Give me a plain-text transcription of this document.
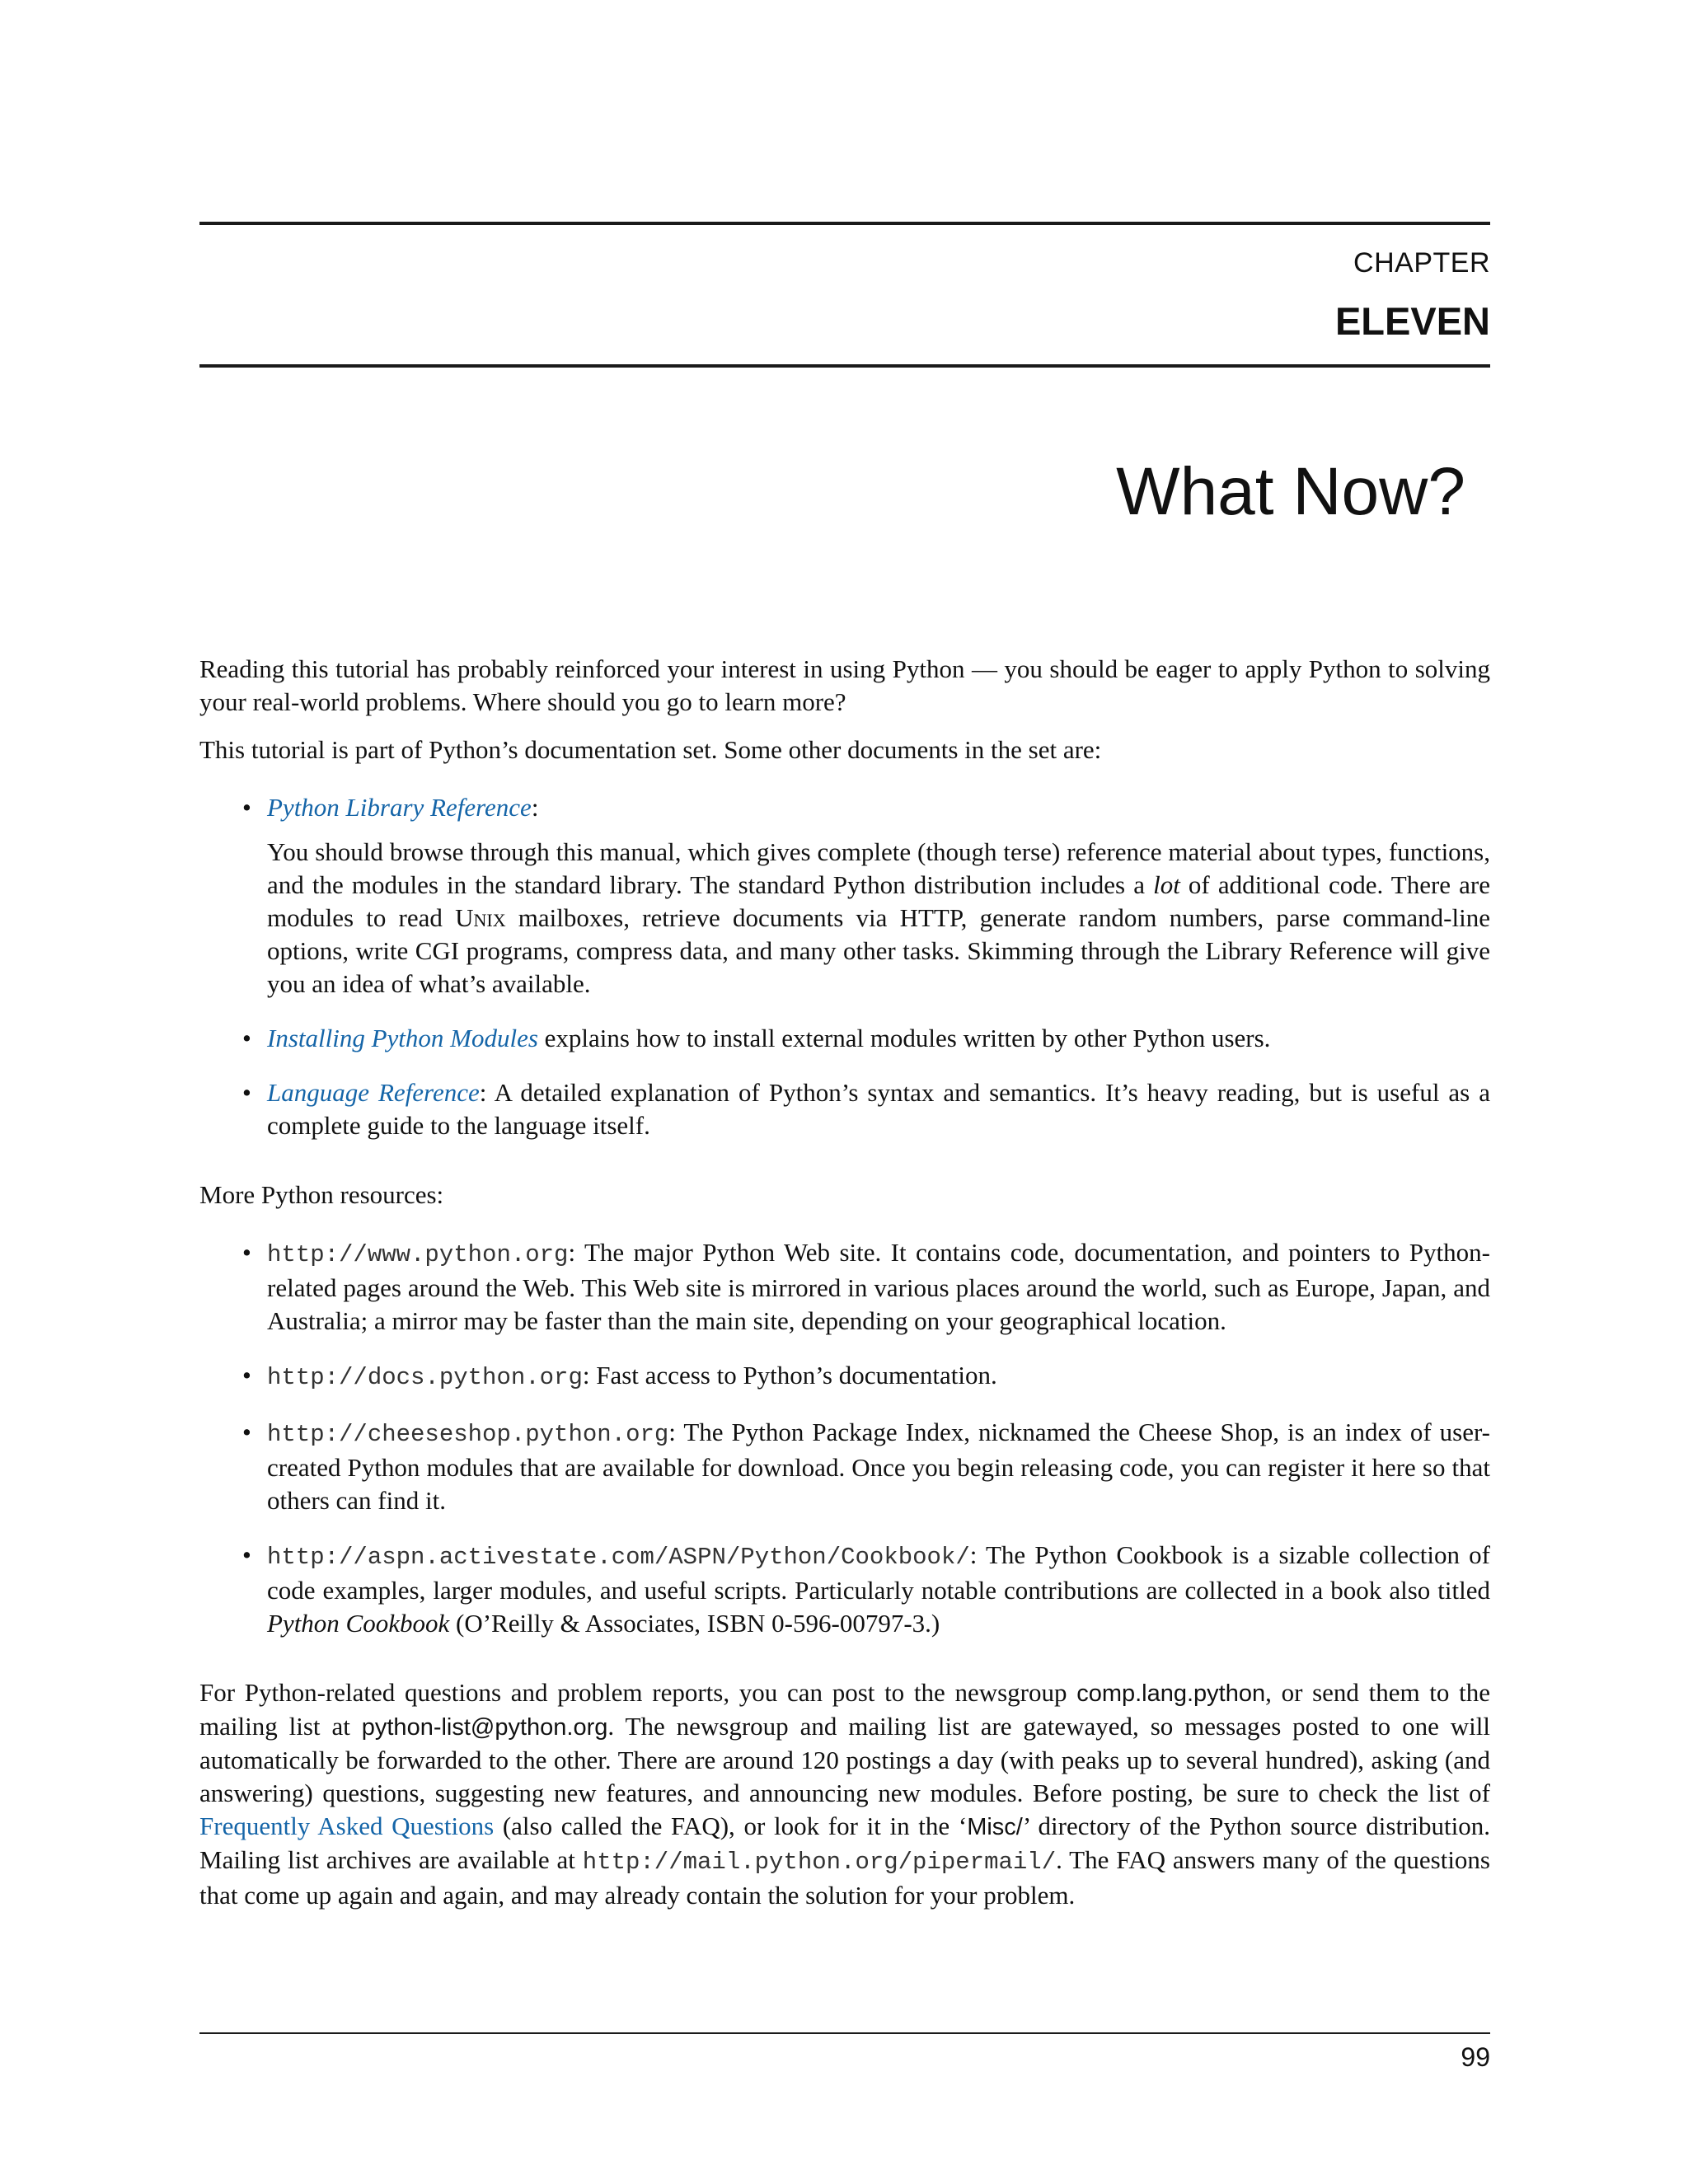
CHAPTER

ELEVEN

What Now?

Reading this tutorial has probably reinforced your interest in using Python — you should be eager to apply Python to solving your real-world problems. Where should you go to learn more?

This tutorial is part of Python’s documentation set. Some other documents in the set are:

• Python Library Reference:
You should browse through this manual, which gives complete (though terse) reference material about types, functions, and the modules in the standard library. The standard Python distribution includes a lot of additional code. There are modules to read Unix mailboxes, retrieve documents via HTTP, generate random numbers, parse command-line options, write CGI programs, compress data, and many other tasks. Skimming through the Library Reference will give you an idea of what’s available.
• Installing Python Modules explains how to install external modules written by other Python users.
• Language Reference: A detailed explanation of Python’s syntax and semantics. It’s heavy reading, but is useful as a complete guide to the language itself.

More Python resources:

• http://www.python.org: The major Python Web site. It contains code, documentation, and pointers to Python-related pages around the Web. This Web site is mirrored in various places around the world, such as Europe, Japan, and Australia; a mirror may be faster than the main site, depending on your geographical location.
• http://docs.python.org: Fast access to Python’s documentation.
• http://cheeseshop.python.org: The Python Package Index, nicknamed the Cheese Shop, is an index of user-created Python modules that are available for download. Once you begin releasing code, you can register it here so that others can find it.
• http://aspn.activestate.com/ASPN/Python/Cookbook/: The Python Cookbook is a sizable collection of code examples, larger modules, and useful scripts. Particularly notable contributions are collected in a book also titled Python Cookbook (O’Reilly & Associates, ISBN 0-596-00797-3.)

For Python-related questions and problem reports, you can post to the newsgroup comp.lang.python, or send them to the mailing list at python-list@python.org. The newsgroup and mailing list are gatewayed, so messages posted to one will automatically be forwarded to the other. There are around 120 postings a day (with peaks up to several hundred), asking (and answering) questions, suggesting new features, and announcing new modules. Before posting, be sure to check the list of Frequently Asked Questions (also called the FAQ), or look for it in the ‘Misc/’ directory of the Python source distribution. Mailing list archives are available at http://mail.python.org/pipermail/. The FAQ answers many of the questions that come up again and again, and may already contain the solution for your problem.

99
